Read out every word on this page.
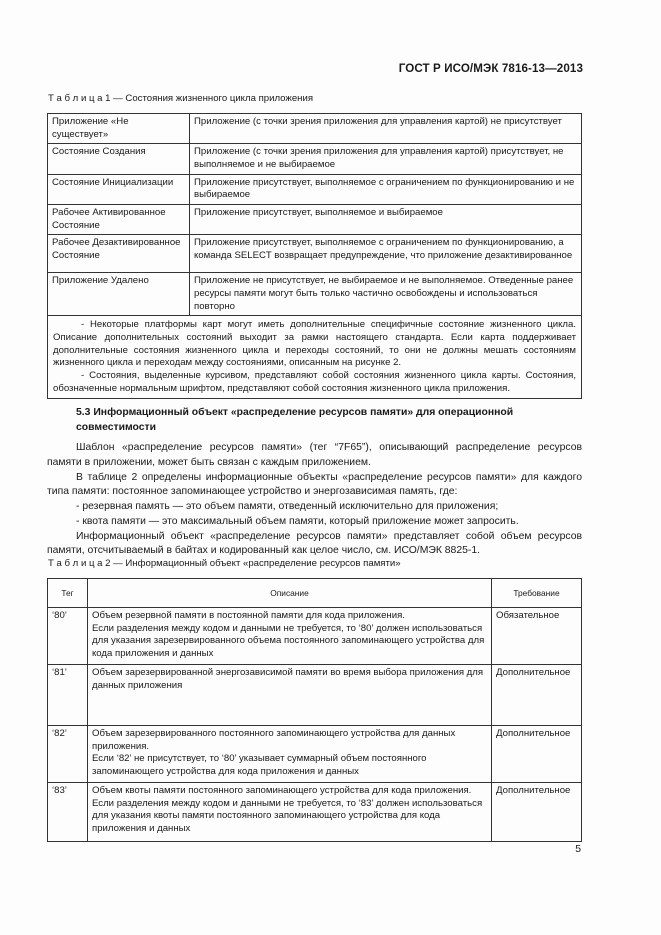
ГОСТ Р ИСО/МЭК 7816-13—2013
Т а б л и ц а 1 — Состояния жизненного цикла приложения
Приложение «Не существует»	Приложение (с точки зрения приложения для управления картой) не присутствует
Состояние Создания	Приложение (с точки зрения приложения для управления картой) присутствует, не выполняемое и не выбираемое
Состояние Инициализации	Приложение присутствует, выполняемое с ограничением по функционированию и не выбираемое
Рабочее Активированное Состояние	Приложение присутствует, выполняемое и выбираемое
Рабочее Дезактивированное Состояние	Приложение присутствует, выполняемое с ограничением по функционированию, а команда SELECT возвращает предупреждение, что приложение дезактивированное
Приложение Удалено	Приложение не присутствует, не выбираемое и не выполняемое. Отведенные ранее ресурсы памяти могут быть только частично освобождены и использоваться повторно

- Некоторые платформы карт могут иметь дополнительные специфичные состояние жизненного цикла. Описание дополнительных состояний выходит за рамки настоящего стандарта. Если карта поддерживает дополнительные состояния жизненного цикла и переходы состояний, то они не должны мешать состояниям жизненного цикла и переходам между состояниями, описанным на рисунке 2.

- Состояния, выделенные курсивом, представляют собой состояния жизненного цикла карты. Состояния, обозначенные нормальным шрифтом, представляют собой состояния жизненного цикла приложения.	

5.3 Информационный объект «распределение ресурсов памяти» для операционной совместимости

Шаблон «распределение ресурсов памяти» (тег “7F65”), описывающий распределение ресурсов памяти в приложении, может быть связан с каждым приложением.

В таблице 2 определены информационные объекты «распределение ресурсов памяти» для каждого типа памяти: постоянное запоминающее устройство и энергозависимая память, где:

- резервная память — это объем памяти, отведенный исключительно для приложения;

- квота памяти — это максимальный объем памяти, который приложение может запросить.

Информационный объект «распределение ресурсов памяти» представляет собой объем ресурсов памяти, отсчитываемый в байтах и кодированный как целое число, см. ИСО/МЭК 8825-1.

Т а б л и ц а 2 — Информационный объект «распределение ресурсов памяти»
Тег	Описание	Требование
‘80’	Объем резервной памяти в постоянной памяти для кода приложения.

Если разделения между кодом и данными не требуется, то ‘80’ должен использоваться для указания зарезервированного объема постоянного запоминающего устройства для кода приложения и данных	Обязательное
‘81’	Объем зарезервированной энергозависимой памяти во время выбора приложения для данных приложения	Дополнительное
‘82’	Объем зарезервированного постоянного запоминающего устройства для данных приложения.

Если ‘82’ не присутствует, то ‘80’ указывает суммарный объем постоянного запоминающего устройства для кода приложения и данных	Дополнительное
‘83’	Объем квоты памяти постоянного запоминающего устройства для кода приложения.

Если разделения между кодом и данными не требуется, то ‘83’ должен использоваться для указания квоты памяти постоянного запоминающего устройства для кода приложения и данных	Дополнительное
5
